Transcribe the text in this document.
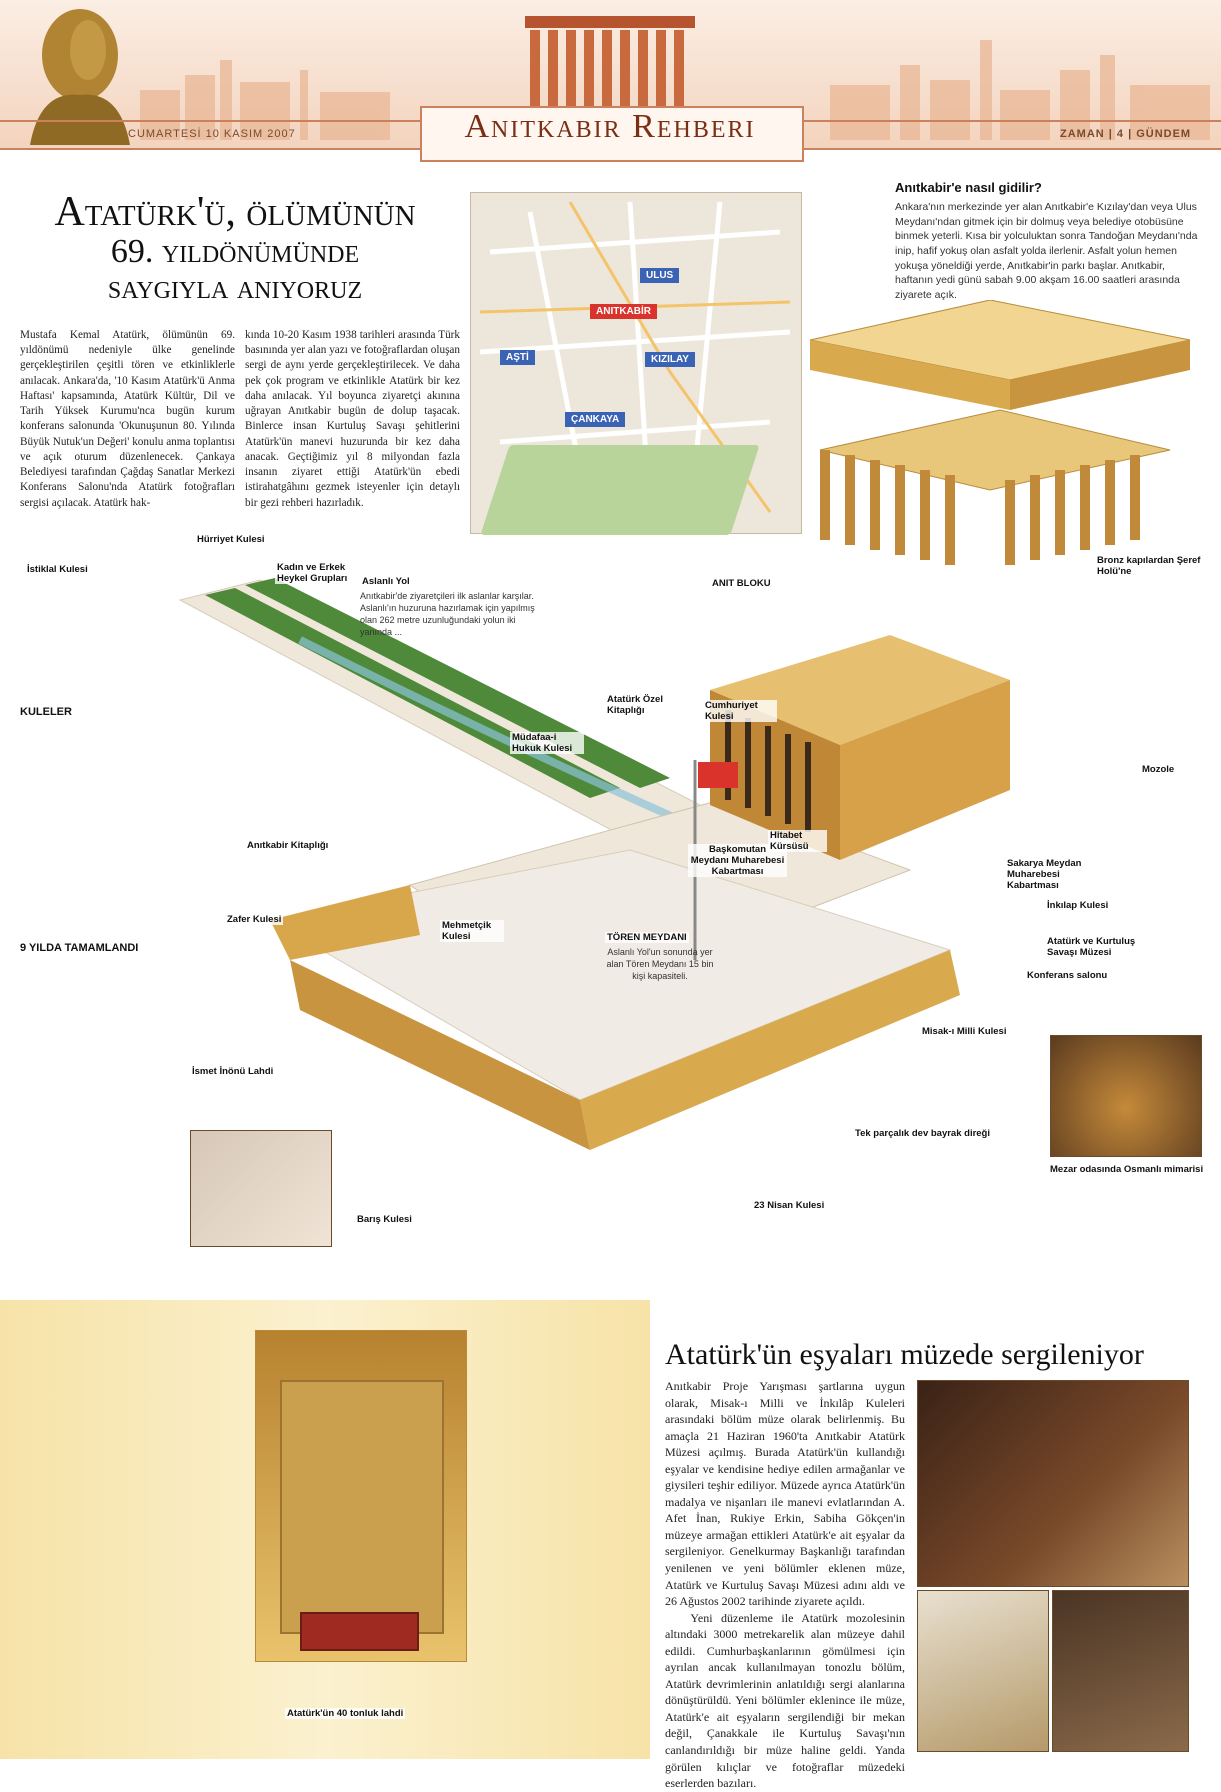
Anıtkabir Rehberi
CUMARTESİ 10 KASIM 2007	ZAMAN | 4 | GÜNDEM
Atatürk'ü, ölümünün
69. yıldönümünde
saygıyla anıyoruz
Mustafa Kemal Atatürk, ölümünün 69. yıldönümü nedeniyle ülke genelinde gerçekleştirilen çeşitli tören ve etkinliklerle anılacak. Ankara'da, '10 Kasım Atatürk'ü Anma Haftası' kapsamında, Atatürk Kültür, Dil ve Tarih Yüksek Kurumu'nca bugün kurum konferans salonunda 'Okunuşunun 80. Yılında Büyük Nutuk'un Değeri' konulu anma toplantısı ve açık oturum düzenlenecek. Çankaya Belediyesi tarafından Çağdaş Sanatlar Merkezi Konferans Salonu'nda Atatürk fotoğrafları sergisi açılacak. Atatürk hak-
kında 10-20 Kasım 1938 tarihleri arasında Türk basınında yer alan yazı ve fotoğraflardan oluşan sergi de aynı yerde gerçekleştirilecek. Ve daha pek çok program ve etkinlikle Atatürk bir kez daha anılacak. Yıl boyunca ziyaretçi akınına uğrayan Anıtkabir bugün de dolup taşacak. Binlerce insan Kurtuluş Savaşı şehitlerini Atatürk'ün manevi huzurunda bir kez daha anacak. Geçtiğimiz yıl 8 milyondan fazla insanın ziyaret ettiği Atatürk'ün ebedi istirahatgâhını gezmek isteyenler için detaylı bir gezi rehberi hazırladık.
ULUS
ANITKABİR
AŞTİ	KIZILAY
ÇANKAYA
Anıtkabir'e nasıl gidilir?
Ankara'nın merkezinde yer alan Anıtkabir'e Kızılay'dan veya Ulus Meydanı'ndan gitmek için bir dolmuş veya belediye otobüsüne binmek yeterli. Kısa bir yolculuktan sonra Tandoğan Meydanı'nda inip, hafif yokuş olan asfalt yolda ilerlenir. Asfalt yolun hemen yokuşa yöneldiği yerde, Anıtkabir'in parkı başlar. Anıtkabir, haftanın yedi günü sabah 9.00 akşam 16.00 saatleri arasında ziyarete açık.
Bronz kapılardan Şeref Holü'ne
KULELER
9 YILDA TAMAMLANDI
İstiklal Kulesi
Hürriyet Kulesi
Kadın ve Erkek Heykel Grupları	Aslanlı Yol
Anıtkabir'de ziyaretçileri ilk aslanlar karşılar. Aslanlı'ın huzuruna hazırlamak için yapılmış olan 262 metre uzunluğundaki yolun iki yanında ...
ANIT BLOKU
Atatürk Özel Kitaplığı	Cumhuriyet Kulesi
Müdafaa-i Hukuk Kulesi
Mozole
Anıtkabir Kitaplığı
Zafer Kulesi
Mehmetçik Kulesi
Başkomutan Meydanı Muharebesi Kabartması
Hitabet Kürsüsü
Sakarya Meydan Muharebesi Kabartması
İnkılap Kulesi
Atatürk ve Kurtuluş Savaşı Müzesi
Konferans salonu
TÖREN MEYDANI
Aslanlı Yol'un sonunda yer alan Tören Meydanı 15 bin kişi kapasiteli.
Misak-ı Milli Kulesi
İsmet İnönü Lahdi
Tek parçalık dev bayrak direği
Barış Kulesi
23 Nisan Kulesi
Mezar odasında Osmanlı mimarisi
Atatürk'ün 40 tonluk lahdi
Atatürk'ün eşyaları müzede sergileniyor
Anıtkabir Proje Yarışması şartlarına uygun olarak, Misak-ı Milli ve İnkılâp Kuleleri arasındaki bölüm müze olarak belirlenmiş. Bu amaçla 21 Haziran 1960'ta Anıtkabir Atatürk Müzesi açılmış. Burada Atatürk'ün kullandığı eşyalar ve kendisine hediye edilen armağanlar ve giysileri teşhir ediliyor. Müzede ayrıca Atatürk'ün madalya ve nişanları ile manevi evlatlarından A. Afet İnan, Rukiye Erkin, Sabiha Gökçen'in müzeye armağan ettikleri Atatürk'e ait eşyalar da sergileniyor. Genelkurmay Başkanlığı tarafından yenilenen ve yeni bölümler eklenen müze, Atatürk ve Kurtuluş Savaşı Müzesi adını aldı ve 26 Ağustos 2002 tarihinde ziyarete açıldı.
Yeni düzenleme ile Atatürk mozolesinin altındaki 3000 metrekarelik alan müzeye dahil edildi. Cumhurbaşkanlarının gömülmesi için ayrılan ancak kullanılmayan tonozlu bölüm, Atatürk devrimlerinin anlatıldığı sergi alanlarına dönüştürüldü. Yeni bölümler eklenince ile müze, Atatürk'e ait eşyaların sergilendiği bir mekan değil, Çanakkale ile Kurtuluş Savaşı'nın canlandırıldığı bir müze haline geldi. Yanda görülen kılıçlar ve fotoğraflar müzedeki eserlerden bazıları.
